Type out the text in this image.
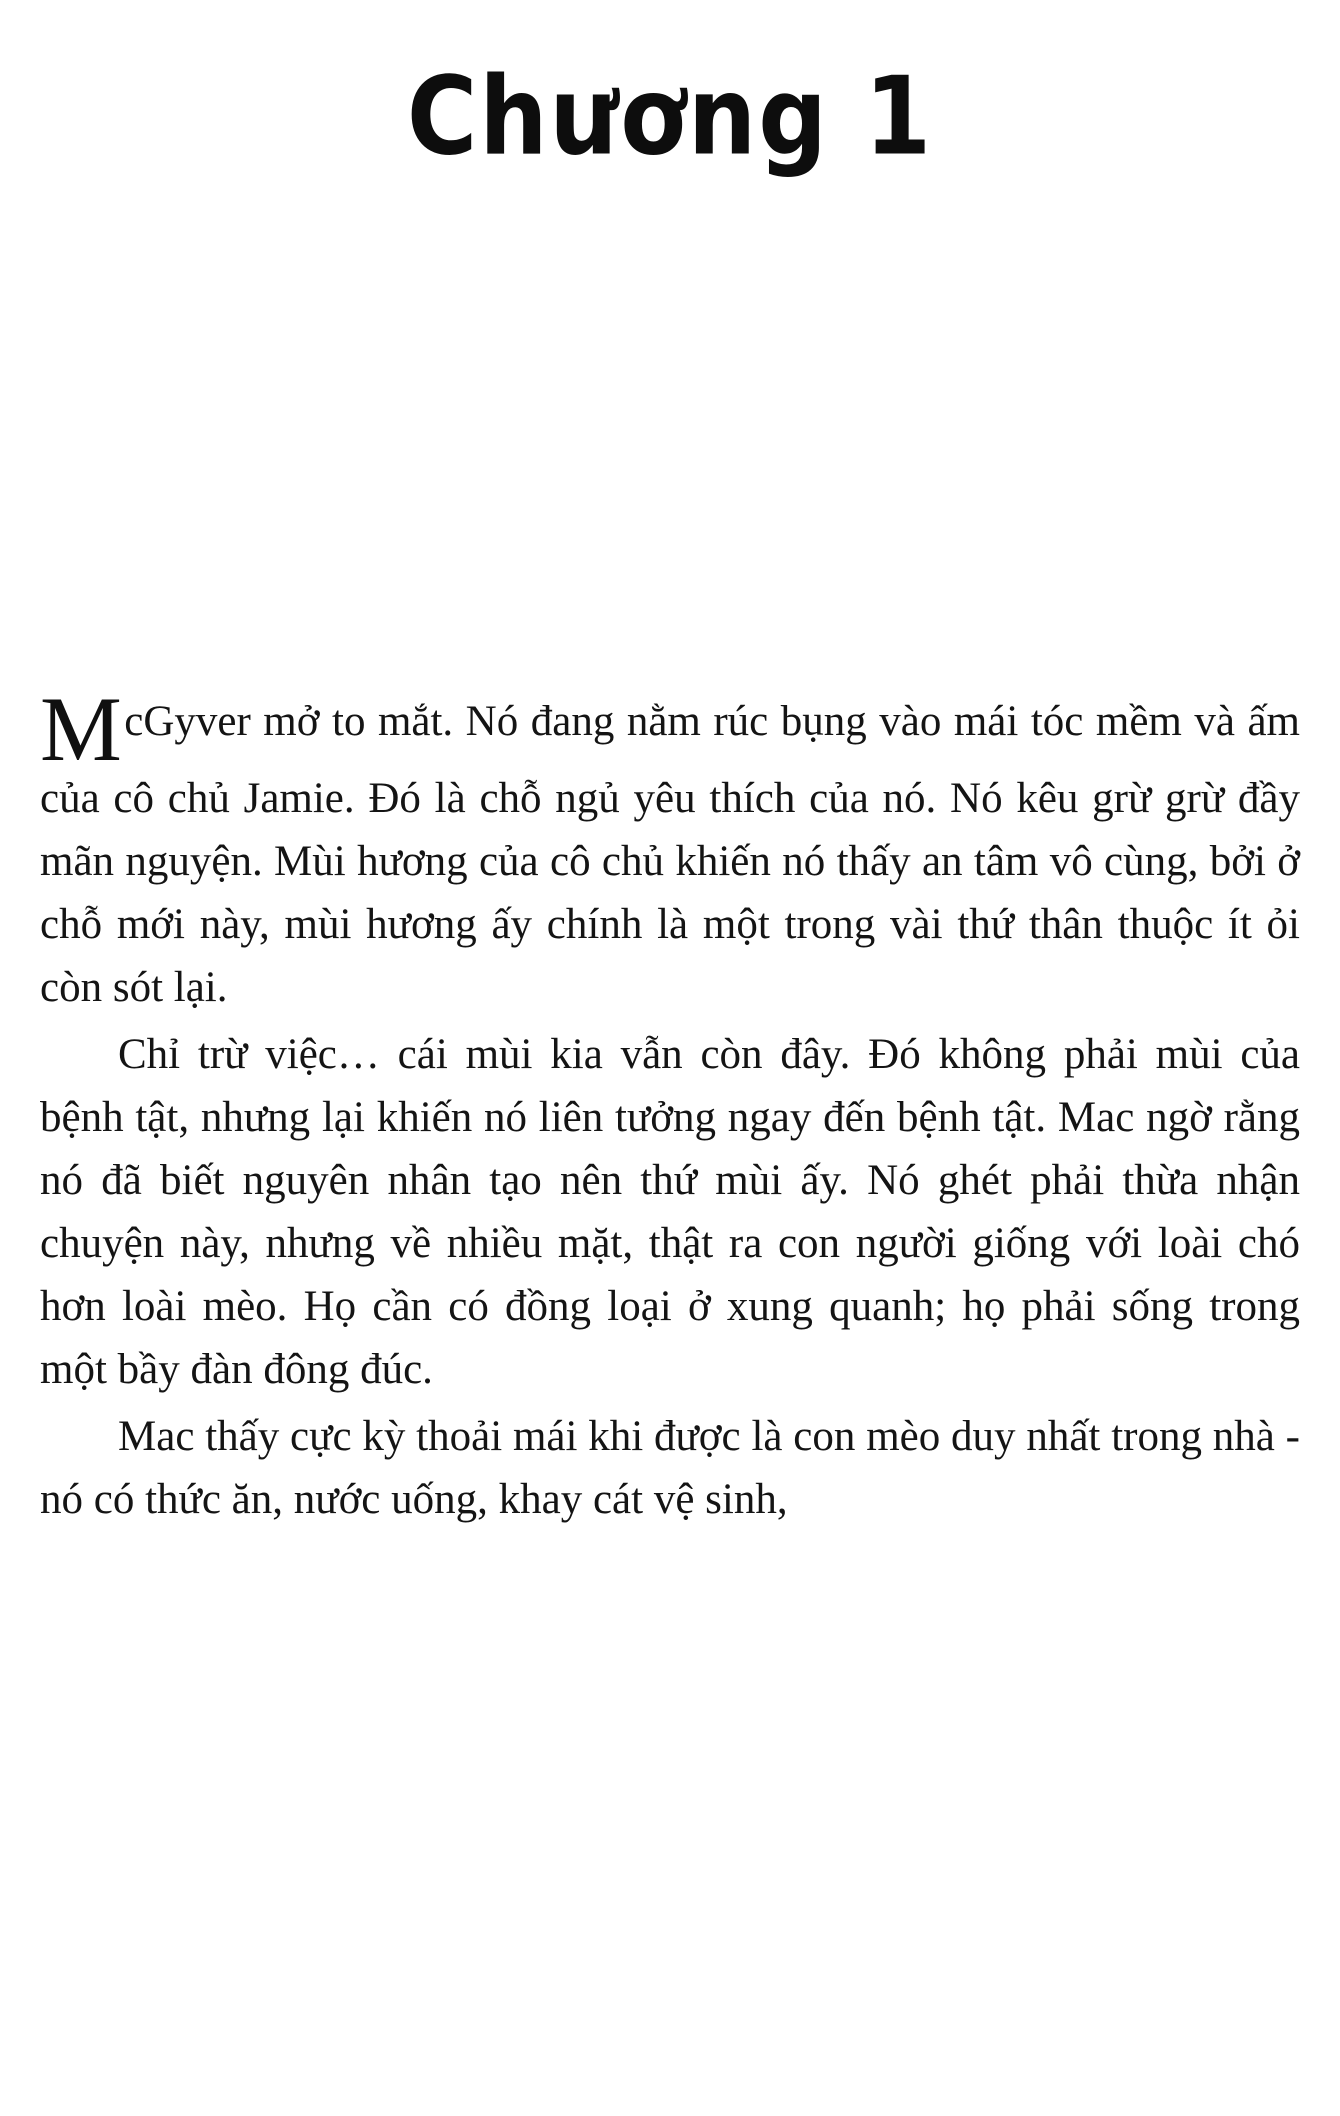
Chương 1

MacGyver mở to mắt. Nó đang nằm rúc bụng vào mái tóc mềm và ấm của cô chủ Jamie. Đó là chỗ ngủ yêu thích của nó. Nó kêu grừ grừ đầy mãn nguyện. Mùi hương của cô chủ khiến nó thấy an tâm vô cùng, bởi ở chỗ mới này, mùi hương ấy chính là một trong vài thứ thân thuộc ít ỏi còn sót lại.

Chỉ trừ việc… cái mùi kia vẫn còn đây. Đó không phải mùi của bệnh tật, nhưng lại khiến nó liên tưởng ngay đến bệnh tật. Mac ngờ rằng nó đã biết nguyên nhân tạo nên thứ mùi ấy. Nó ghét phải thừa nhận chuyện này, nhưng về nhiều mặt, thật ra con người giống với loài chó hơn loài mèo. Họ cần có đồng loại ở xung quanh; họ phải sống trong một bầy đàn đông đúc.

Mac thấy cực kỳ thoải mái khi được là con mèo duy nhất trong nhà - nó có thức ăn, nước uống, khay cát vệ sinh,
